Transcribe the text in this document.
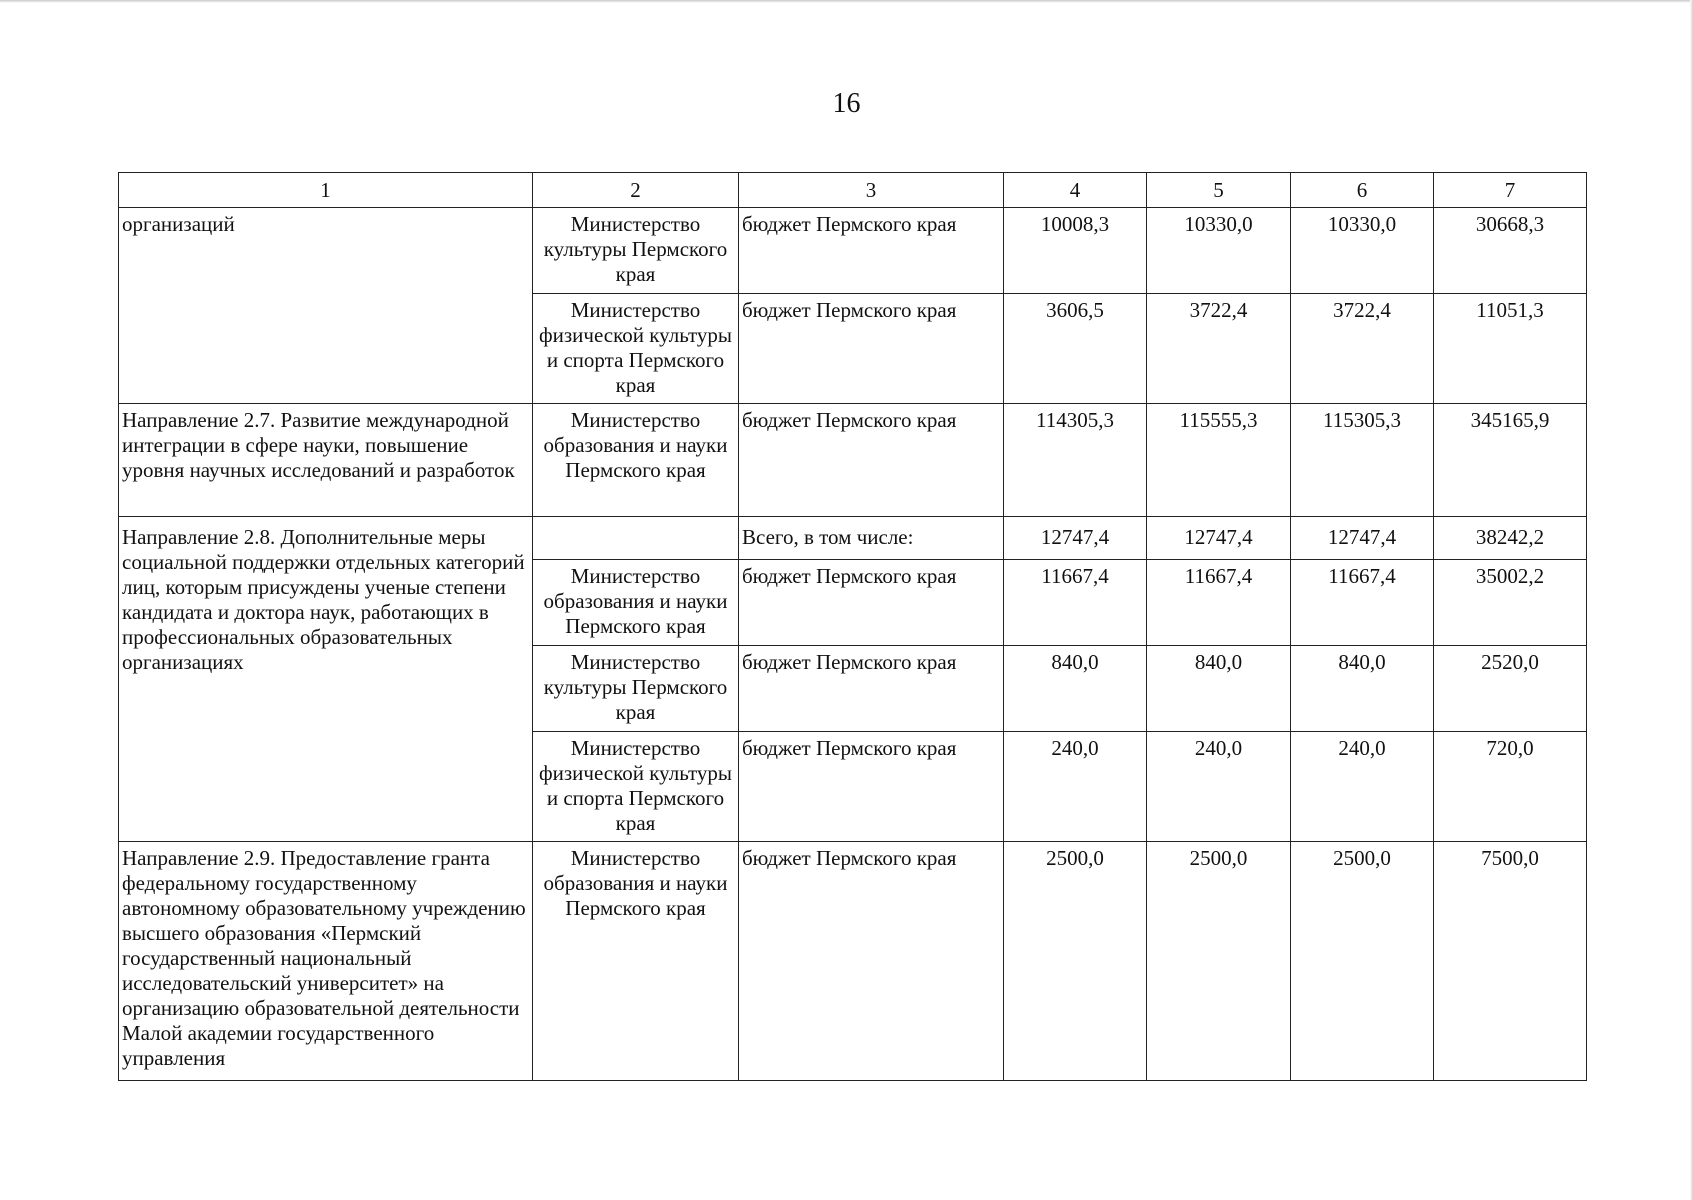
16
1	2	3	4	5	6	7
организаций	Министерство культуры Пермского края	бюджет Пермского края	10008,3	10330,0	10330,0	30668,3
	Министерство физической культуры и спорта Пермского края	бюджет Пермского края	3606,5	3722,4	3722,4	11051,3
Направление 2.7. Развитие международной интеграции в сфере науки, повышение уровня научных исследований и разработок	Министерство образования и науки Пермского края	бюджет Пермского края	114305,3	115555,3	115305,3	345165,9
Направление 2.8. Дополнительные меры социальной поддержки отдельных категорий лиц, которым присуждены ученые степени кандидата и доктора наук, работающих в профессиональных образовательных организациях		Всего, в том числе:	12747,4	12747,4	12747,4	38242,2
	Министерство образования и науки Пермского края	бюджет Пермского края	11667,4	11667,4	11667,4	35002,2
	Министерство культуры Пермского края	бюджет Пермского края	840,0	840,0	840,0	2520,0
	Министерство физической культуры и спорта Пермского края	бюджет Пермского края	240,0	240,0	240,0	720,0
Направление 2.9. Предоставление гранта федеральному государственному автономному образовательному учреждению высшего образования «Пермский государственный национальный исследовательский университет» на организацию образовательной деятельности Малой академии государственного управления	Министерство образования и науки Пермского края	бюджет Пермского края	2500,0	2500,0	2500,0	7500,0
